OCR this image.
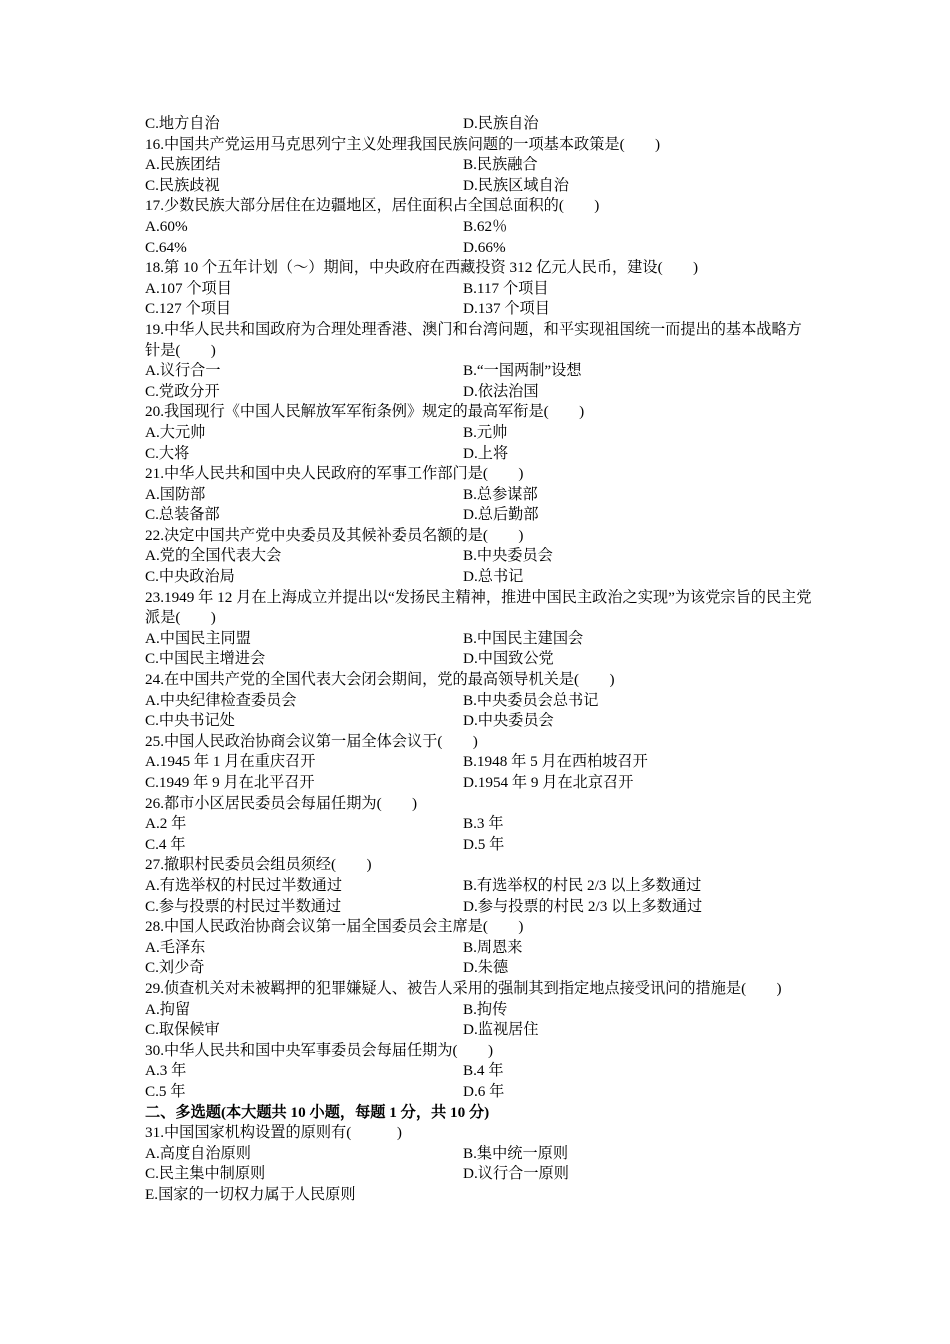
C.地方自治	D.民族自治
16.中国共产党运用马克思列宁主义处理我国民族问题的一项基本政策是(　　)
A.民族团结	B.民族融合
C.民族歧视	D.民族区域自治
17.少数民族大部分居住在边疆地区，居住面积占全国总面积的(　　)
A.60%	B.62％
C.64%	D.66%
18.第 10 个五年计划（～）期间，中央政府在西藏投资 312 亿元人民币，建设(　　)
A.107 个项目	B.117 个项目
C.127 个项目	D.137 个项目
19.中华人民共和国政府为合理处理香港、澳门和台湾问题，和平实现祖国统一而提出的基本战略方针是(　　)
A.议行合一	B.“一国两制”设想
C.党政分开	D.依法治国
20.我国现行《中国人民解放军军衔条例》规定的最高军衔是(　　)
A.大元帅	B.元帅
C.大将	D.上将
21.中华人民共和国中央人民政府的军事工作部门是(　　)
A.国防部	B.总参谋部
C.总装备部	D.总后勤部
22.决定中国共产党中央委员及其候补委员名额的是(　　)
A.党的全国代表大会	B.中央委员会
C.中央政治局	D.总书记
23.1949 年 12 月在上海成立并提出以“发扬民主精神，推进中国民主政治之实现”为该党宗旨的民主党派是(　　)
A.中国民主同盟	B.中国民主建国会
C.中国民主增进会	D.中国致公党
24.在中国共产党的全国代表大会闭会期间，党的最高领导机关是(　　)
A.中央纪律检查委员会	B.中央委员会总书记
C.中央书记处	D.中央委员会
25.中国人民政治协商会议第一届全体会议于(　　)
A.1945 年 1 月在重庆召开	B.1948 年 5 月在西柏坡召开
C.1949 年 9 月在北平召开	D.1954 年 9 月在北京召开
26.都市小区居民委员会每届任期为(　　)
A.2 年	B.3 年
C.4 年	D.5 年
27.撤职村民委员会组员须经(　　)
A.有选举权的村民过半数通过	B.有选举权的村民 2/3 以上多数通过
C.参与投票的村民过半数通过	D.参与投票的村民 2/3 以上多数通过
28.中国人民政治协商会议第一届全国委员会主席是(　　)
A.毛泽东	B.周恩来
C.刘少奇	D.朱德
29.侦查机关对未被羁押的犯罪嫌疑人、被告人采用的强制其到指定地点接受讯问的措施是(　　)
A.拘留	B.拘传
C.取保候审	D.监视居住
30.中华人民共和国中央军事委员会每届任期为(　　)
A.3 年	B.4 年
C.5 年	D.6 年
二、多选题(本大题共 10 小题，每题 1 分，共 10 分)
31.中国国家机构设置的原则有(　　　)
A.高度自治原则	B.集中统一原则
C.民主集中制原则	D.议行合一原则
E.国家的一切权力属于人民原则
